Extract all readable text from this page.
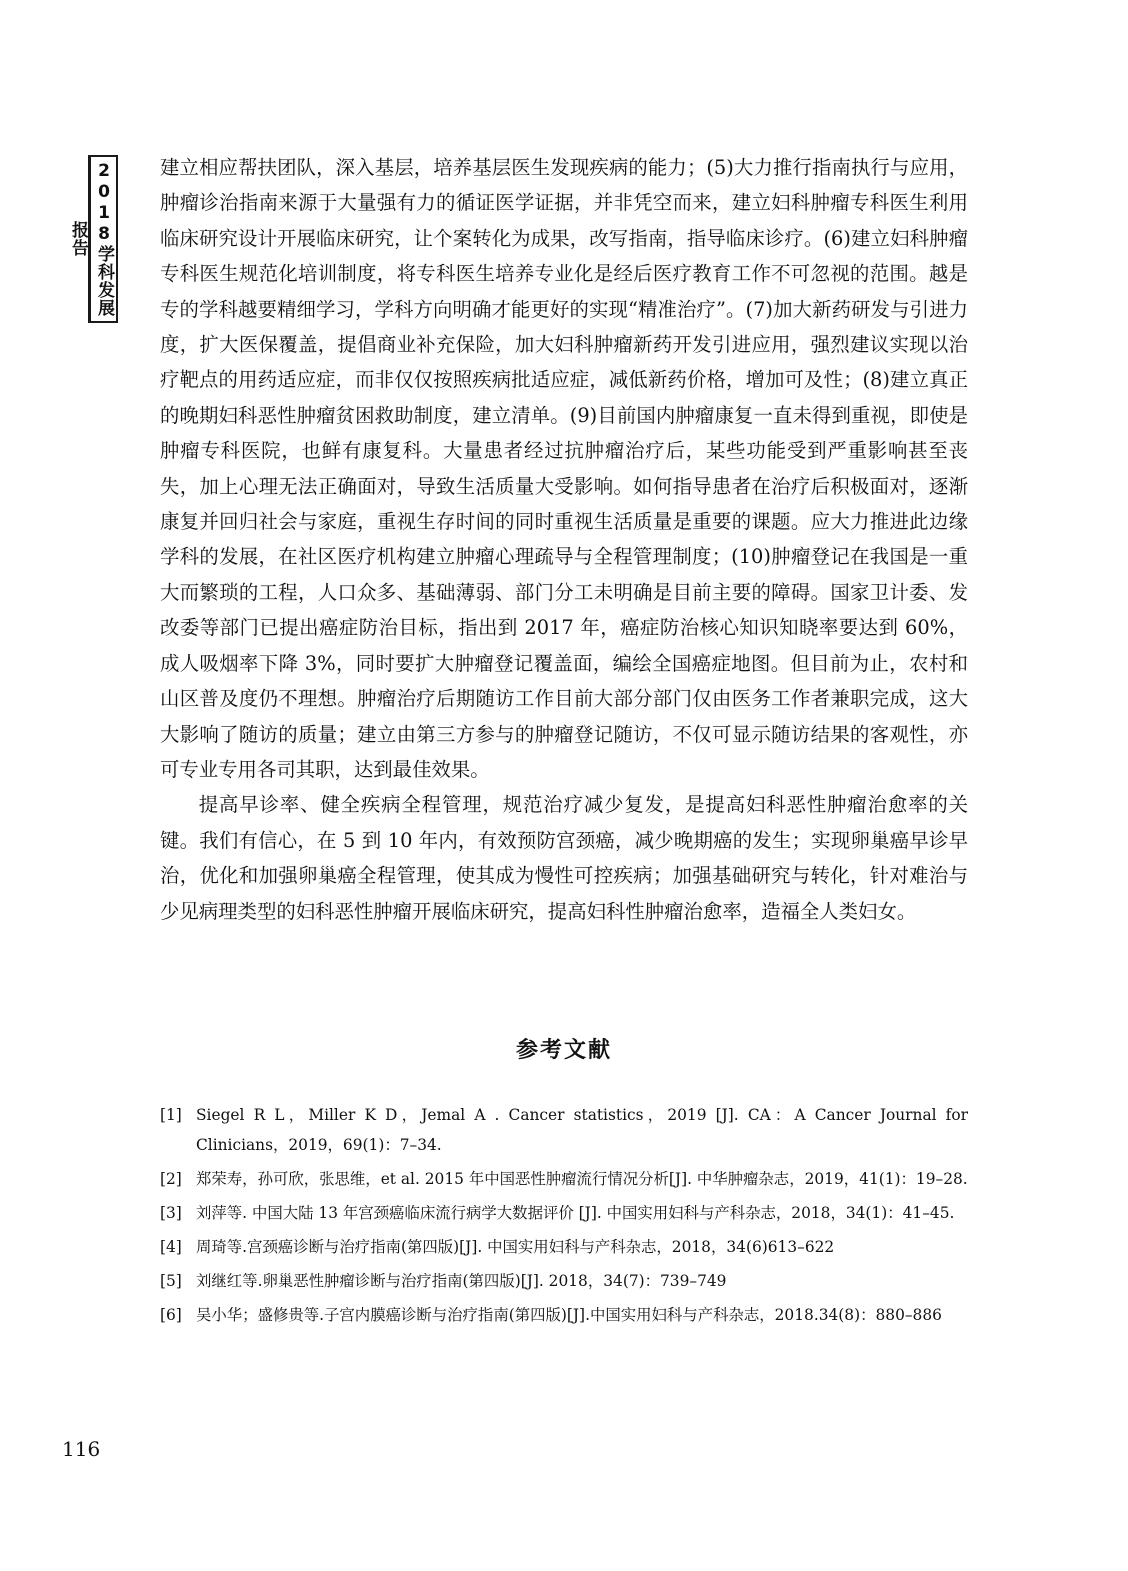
2018学科发展报告

建立相应帮扶团队，深入基层，培养基层医生发现疾病的能力；(5)大力推行指南执行与应用，肿瘤诊治指南来源于大量强有力的循证医学证据，并非凭空而来，建立妇科肿瘤专科医生利用临床研究设计开展临床研究，让个案转化为成果，改写指南，指导临床诊疗。(6)建立妇科肿瘤专科医生规范化培训制度，将专科医生培养专业化是经后医疗教育工作不可忽视的范围。越是专的学科越要精细学习，学科方向明确才能更好的实现“精准治疗”。(7)加大新药研发与引进力度，扩大医保覆盖，提倡商业补充保险，加大妇科肿瘤新药开发引进应用，强烈建议实现以治疗靶点的用药适应症，而非仅仅按照疾病批适应症，减低新药价格，增加可及性；(8)建立真正的晚期妇科恶性肿瘤贫困救助制度，建立清单。(9)目前国内肿瘤康复一直未得到重视，即使是肿瘤专科医院，也鲜有康复科。大量患者经过抗肿瘤治疗后，某些功能受到严重影响甚至丧失，加上心理无法正确面对，导致生活质量大受影响。如何指导患者在治疗后积极面对，逐渐康复并回归社会与家庭，重视生存时间的同时重视生活质量是重要的课题。应大力推进此边缘学科的发展，在社区医疗机构建立肿瘤心理疏导与全程管理制度；(10)肿瘤登记在我国是一重大而繁琐的工程，人口众多、基础薄弱、部门分工未明确是目前主要的障碍。国家卫计委、发改委等部门已提出癌症防治目标，指出到 2017 年，癌症防治核心知识知晓率要达到 60%，成人吸烟率下降 3%，同时要扩大肿瘤登记覆盖面，编绘全国癌症地图。但目前为止，农村和山区普及度仍不理想。肿瘤治疗后期随访工作目前大部分部门仅由医务工作者兼职完成，这大大影响了随访的质量；建立由第三方参与的肿瘤登记随访，不仅可显示随访结果的客观性，亦可专业专用各司其职，达到最佳效果。

提高早诊率、健全疾病全程管理，规范治疗减少复发，是提高妇科恶性肿瘤治愈率的关键。我们有信心，在 5 到 10 年内，有效预防宫颈癌，减少晚期癌的发生；实现卵巢癌早诊早治，优化和加强卵巢癌全程管理，使其成为慢性可控疾病；加强基础研究与转化，针对难治与少见病理类型的妇科恶性肿瘤开展临床研究，提高妇科性肿瘤治愈率，造福全人类妇女。

参考文献
[1] Siegel R L，Miller K D，Jemal A . Cancer statistics，2019 [J]. CA：A Cancer Journal for Clinicians，2019，69(1)：7–34.
[2] 郑荣寿，孙可欣，张思维，et al. 2015 年中国恶性肿瘤流行情况分析[J]. 中华肿瘤杂志，2019，41(1)：19–28.
[3] 刘萍等. 中国大陆 13 年宫颈癌临床流行病学大数据评价 [J]. 中国实用妇科与产科杂志，2018，34(1)：41–45.
[4] 周琦等.宫颈癌诊断与治疗指南(第四版)[J]. 中国实用妇科与产科杂志，2018，34(6)613–622
[5] 刘继红等.卵巢恶性肿瘤诊断与治疗指南(第四版)[J]. 2018，34(7)：739–749
[6] 吴小华；盛修贵等.子宫内膜癌诊断与治疗指南(第四版)[J].中国实用妇科与产科杂志，2018.34(8)：880–886
116
